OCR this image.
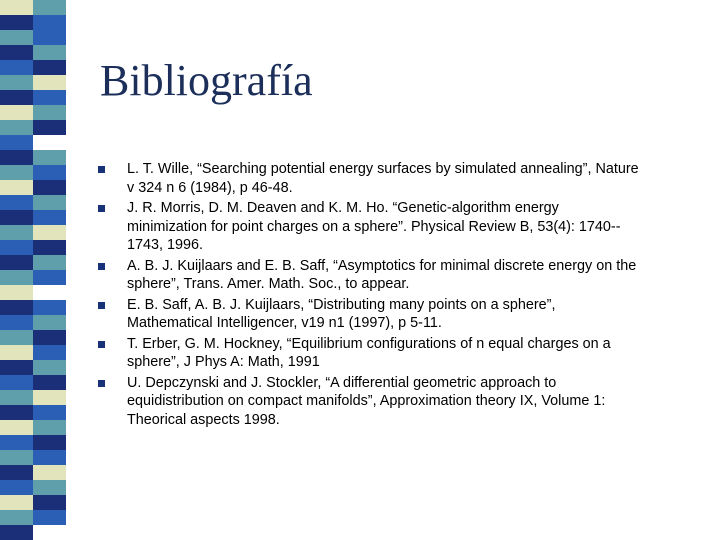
Bibliografía
L. T. Wille, “Searching potential energy surfaces by simulated annealing”, Nature
v 324 n 6 (1984), p 46-48.
J. R. Morris, D. M. Deaven and K. M. Ho. “Genetic-algorithm energy
minimization for point charges on a sphere”. Physical Review B, 53(4): 1740--
1743, 1996.
A. B. J. Kuijlaars and E. B. Saff, “Asymptotics for minimal discrete energy on the
sphere”, Trans. Amer. Math. Soc., to appear.
E. B. Saff, A. B. J. Kuijlaars, “Distributing many points on a sphere”,
Mathematical Intelligencer, v19 n1 (1997), p 5-11.
T. Erber, G. M. Hockney, “Equilibrium configurations of n equal charges on a
sphere”, J Phys A: Math, 1991
U. Depczynski and J. Stockler, “A differential geometric approach to
equidistribution on compact manifolds”, Approximation theory IX, Volume 1:
Theorical aspects 1998.
